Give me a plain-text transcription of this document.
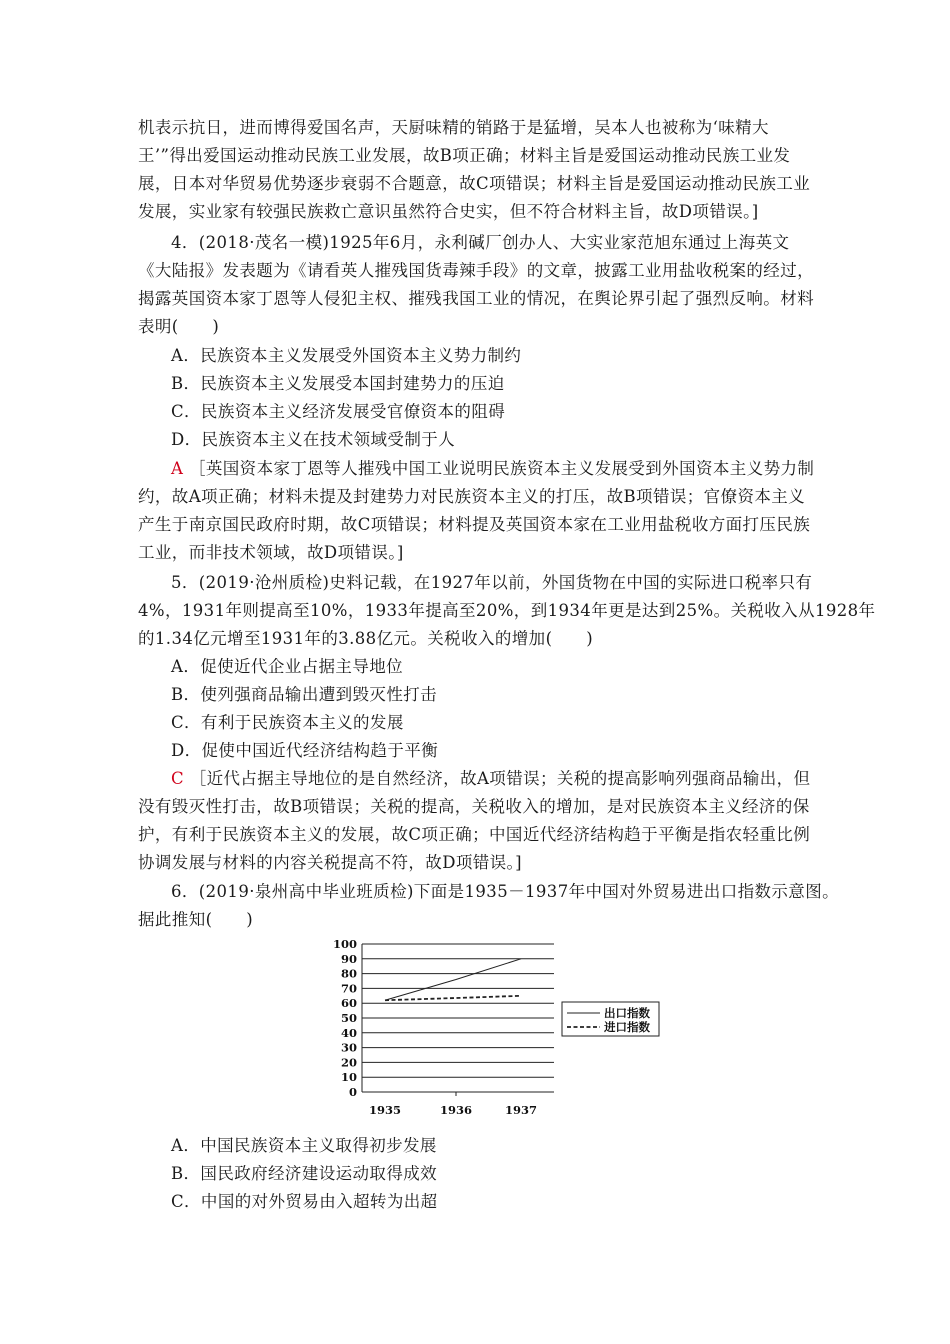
机表示抗日，进而博得爱国名声，天厨味精的销路于是猛增，吴本人也被称为‘味精大
王’”得出爱国运动推动民族工业发展，故B项正确；材料主旨是爱国运动推动民族工业发
展，日本对华贸易优势逐步衰弱不合题意，故C项错误；材料主旨是爱国运动推动民族工业
发展，实业家有较强民族救亡意识虽然符合史实，但不符合材料主旨，故D项错误。]
4．(2018·茂名一模)1925年6月，永利碱厂创办人、大实业家范旭东通过上海英文
《大陆报》发表题为《请看英人摧残国货毒辣手段》的文章，披露工业用盐收税案的经过，
揭露英国资本家丁恩等人侵犯主权、摧残我国工业的情况，在舆论界引起了强烈反响。材料
表明(　　)
A．民族资本主义发展受外国资本主义势力制约
B．民族资本主义发展受本国封建势力的压迫
C．民族资本主义经济发展受官僚资本的阻碍
D．民族资本主义在技术领域受制于人
A ［英国资本家丁恩等人摧残中国工业说明民族资本主义发展受到外国资本主义势力制
约，故A项正确；材料未提及封建势力对民族资本主义的打压，故B项错误；官僚资本主义
产生于南京国民政府时期，故C项错误；材料提及英国资本家在工业用盐税收方面打压民族
工业，而非技术领域，故D项错误。]
5．(2019·沧州质检)史料记载，在1927年以前，外国货物在中国的实际进口税率只有
4%，1931年则提高至10%，1933年提高至20%，到1934年更是达到25%。关税收入从1928年
的1.34亿元增至1931年的3.88亿元。关税收入的增加(　　)
A．促使近代企业占据主导地位
B．使列强商品输出遭到毁灭性打击
C．有利于民族资本主义的发展
D．促使中国近代经济结构趋于平衡
C ［近代占据主导地位的是自然经济，故A项错误；关税的提高影响列强商品输出，但
没有毁灭性打击，故B项错误；关税的提高，关税收入的增加，是对民族资本主义经济的保
护，有利于民族资本主义的发展，故C项正确；中国近代经济结构趋于平衡是指农轻重比例
协调发展与材料的内容关税提高不符，故D项错误。]
6．(2019·泉州高中毕业班质检)下面是1935－1937年中国对外贸易进出口指数示意图。
据此推知(　　)
100
90
80
70
60
50
40
30
20
10
0
1935	1936	1937
出口指数
进口指数
A．中国民族资本主义取得初步发展
B．国民政府经济建设运动取得成效
C．中国的对外贸易由入超转为出超
